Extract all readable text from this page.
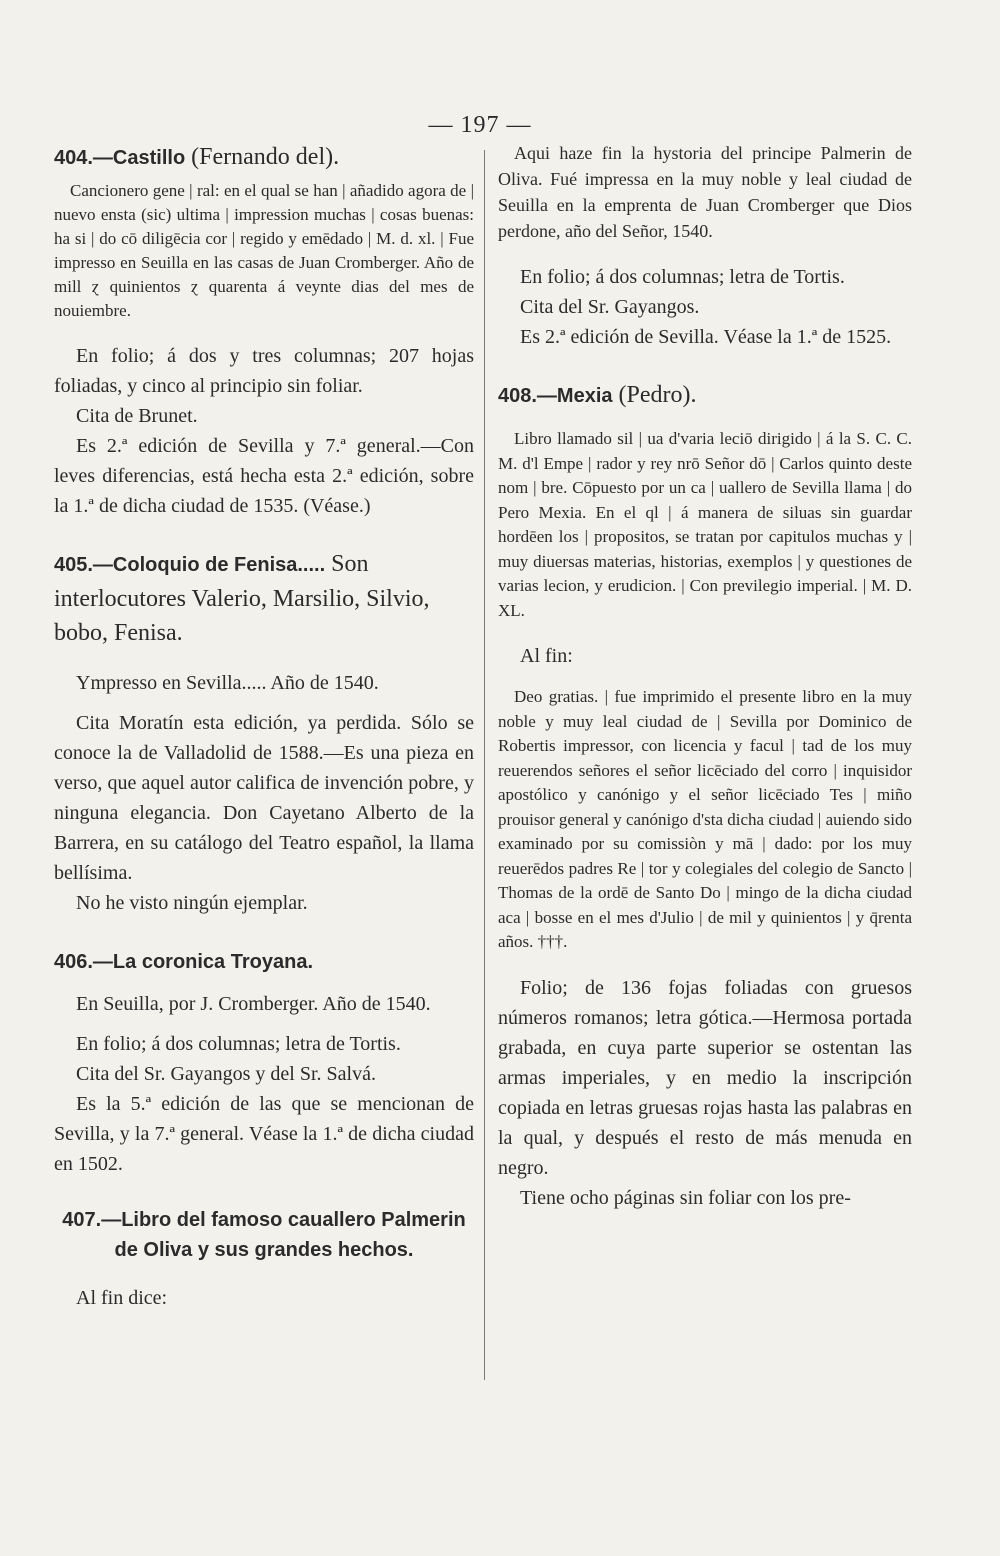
— 197 —

404.—Castillo (Fernando del).

Cancionero gene | ral: en el qual se han | añadido agora de | nuevo ensta (sic) ultima | impression muchas | cosas buenas: ha si | do cō diligēcia cor | regido y emēdado | M. d. xl. | Fue impresso en Seuilla en las casas de Juan Cromberger. Año de mill ɀ quinientos ɀ quarenta á veynte dias del mes de nouiembre.

En folio; á dos y tres columnas; 207 hojas foliadas, y cinco al principio sin foliar.

Cita de Brunet.

Es 2.ª edición de Sevilla y 7.ª general.—Con leves diferencias, está hecha esta 2.ª edición, sobre la 1.ª de dicha ciudad de 1535. (Véase.)

405.—Coloquio de Fenisa..... Son interlocutores Valerio, Marsilio, Silvio, bobo, Fenisa.

Ympresso en Sevilla..... Año de 1540.

Cita Moratín esta edición, ya perdida. Sólo se conoce la de Valladolid de 1588.—Es una pieza en verso, que aquel autor califica de invención pobre, y ninguna elegancia. Don Cayetano Alberto de la Barrera, en su catálogo del Teatro español, la llama bellísima.

No he visto ningún ejemplar.

406.—La coronica Troyana.

En Seuilla, por J. Cromberger. Año de 1540.

En folio; á dos columnas; letra de Tortis.

Cita del Sr. Gayangos y del Sr. Salvá.

Es la 5.ª edición de las que se mencionan de Sevilla, y la 7.ª general. Véase la 1.ª de dicha ciudad en 1502.

407.—Libro del famoso cauallero Palmerin

de Oliva y sus grandes hechos.

Al fin dice:

Aqui haze fin la hystoria del principe Palmerin de Oliva. Fué impressa en la muy noble y leal ciudad de Seuilla en la emprenta de Juan Cromberger que Dios perdone, año del Señor, 1540.

En folio; á dos columnas; letra de Tortis.

Cita del Sr. Gayangos.

Es 2.ª edición de Sevilla. Véase la 1.ª de 1525.

408.—Mexia (Pedro).

Libro llamado sil | ua d'varia leciō dirigido | á la S. C. C. M. d'l Empe | rador y rey nrō Señor dō | Carlos quinto deste nom | bre. Cōpuesto por un ca | uallero de Sevilla llama | do Pero Mexia. En el ql | á manera de siluas sin guardar hordēen los | propositos, se tratan por capitulos muchas y | muy diuersas materias, historias, exemplos | y questiones de varias lecion, y erudicion. | Con previlegio imperial. | M. D. XL.

Al fin:

Deo gratias. | fue imprimido el presente libro en la muy noble y muy leal ciudad de | Sevilla por Dominico de Robertis impressor, con licencia y facul | tad de los muy reuerendos señores el señor licēciado del corro | inquisidor apostólico y canónigo y el señor licēciado Tes | miño prouisor general y canónigo d'sta dicha ciudad | auiendo sido examinado por su comissiòn y mā | dado: por los muy reuerēdos padres Re | tor y colegiales del colegio de Sancto | Thomas de la ordē de Santo Do | mingo de la dicha ciudad aca | bosse en el mes d'Julio | de mil y quinientos | y q̄renta años. †††.

Folio; de 136 fojas foliadas con gruesos números romanos; letra gótica.—Hermosa portada grabada, en cuya parte superior se ostentan las armas imperiales, y en medio la inscripción copiada en letras gruesas rojas hasta las palabras en la qual, y después el resto de más menuda en negro.

Tiene ocho páginas sin foliar con los pre-
